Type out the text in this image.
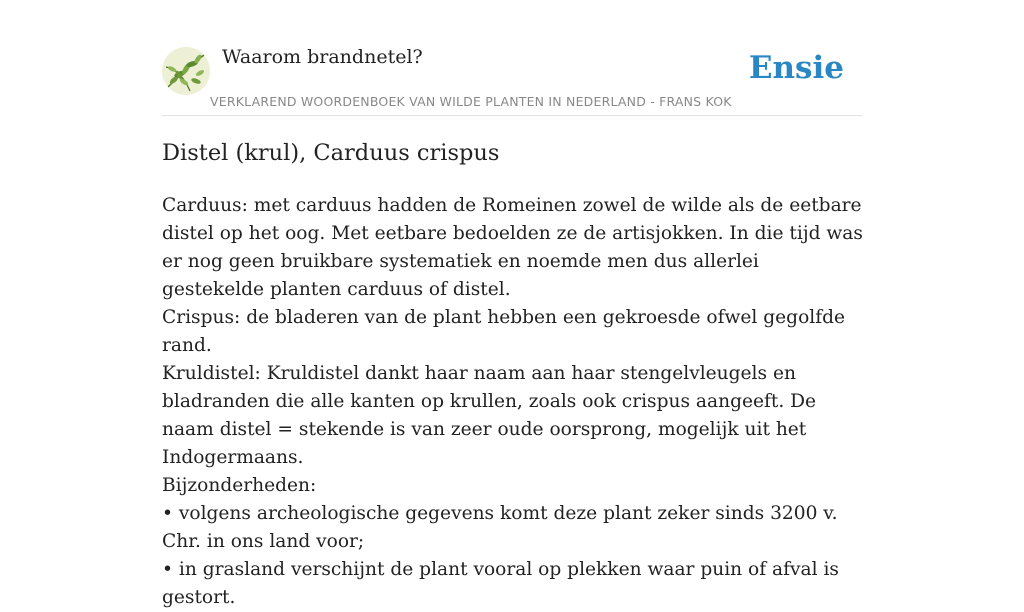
Waarom brandnetel?	Ensie
VERKLAREND WOORDENBOEK VAN WILDE PLANTEN IN NEDERLAND - FRANS KOK
Distel (krul), Carduus crispus

Carduus: met carduus hadden de Romeinen zowel de wilde als de eetbare distel op het oog. Met eetbare bedoelden ze de artisjokken. In die tijd was er nog geen bruikbare systematiek en noemde men dus allerlei gestekelde planten carduus of distel.

Crispus: de bladeren van de plant hebben een gekroesde ofwel gegolfde rand.

Kruldistel: Kruldistel dankt haar naam aan haar stengelvleugels en bladranden die alle kanten op krullen, zoals ook crispus aangeeft. De naam distel = stekende is van zeer oude oorsprong, mogelijk uit het Indogermaans.

Bijzonderheden:

• volgens archeologische gegevens komt deze plant zeker sinds 3200 v. Chr. in ons land voor;

• in grasland verschijnt de plant vooral op plekken waar puin of afval is gestort.
